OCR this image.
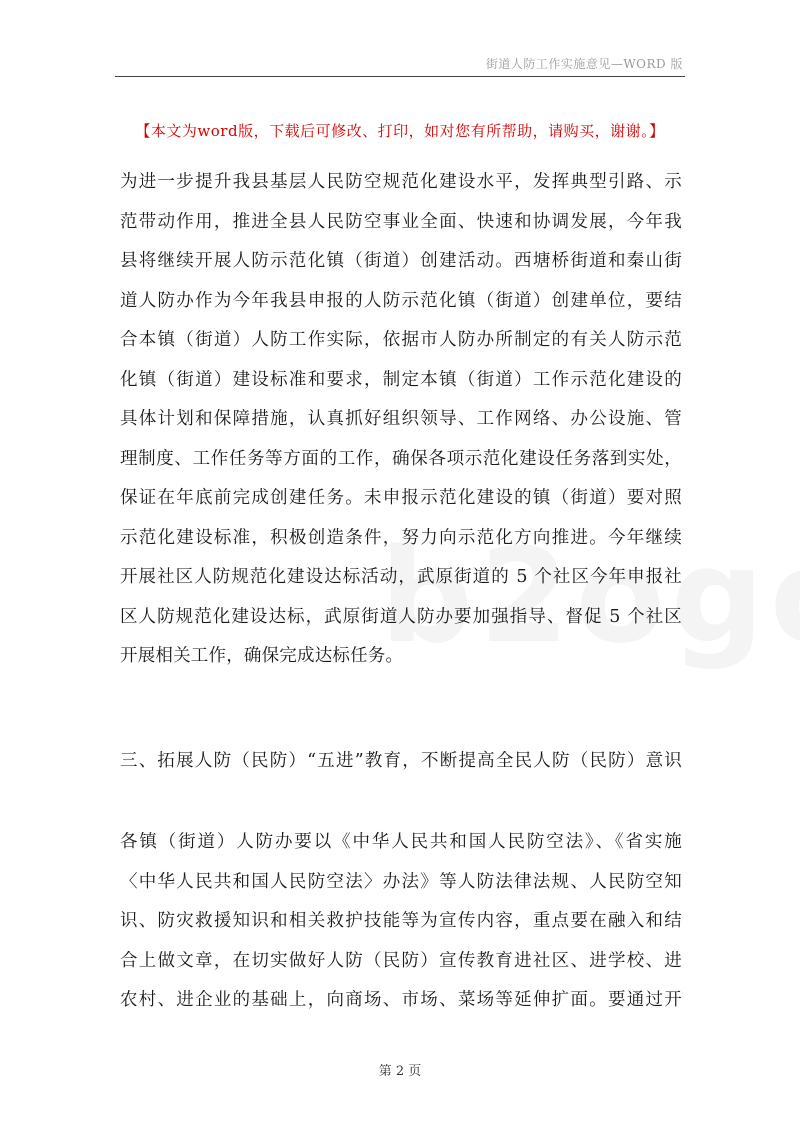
街道人防工作实施意见—WORD 版
【本文为word版，下载后可修改、打印，如对您有所帮助，请购买，谢谢。】
为进一步提升我县基层人民防空规范化建设水平，发挥典型引路、示
范带动作用，推进全县人民防空事业全面、快速和协调发展，今年我
县将继续开展人防示范化镇（街道）创建活动。西塘桥街道和秦山街
道人防办作为今年我县申报的人防示范化镇（街道）创建单位，要结
合本镇（街道）人防工作实际，依据市人防办所制定的有关人防示范
化镇（街道）建设标准和要求，制定本镇（街道）工作示范化建设的
具体计划和保障措施，认真抓好组织领导、工作网络、办公设施、管
理制度、工作任务等方面的工作，确保各项示范化建设任务落到实处，
保证在年底前完成创建任务。未申报示范化建设的镇（街道）要对照
示范化建设标准，积极创造条件，努力向示范化方向推进。今年继续
开展社区人防规范化建设达标活动，武原街道的 5 个社区今年申报社
区人防规范化建设达标，武原街道人防办要加强指导、督促 5 个社区
开展相关工作，确保完成达标任务。
三、拓展人防（民防）“五进”教育，不断提高全民人防（民防）意识
各镇（街道）人防办要以《中华人民共和国人民防空法》、《省实施
〈中华人民共和国人民防空法〉办法》等人防法律法规、人民防空知
识、防灾救援知识和相关救护技能等为宣传内容，重点要在融入和结
合上做文章，在切实做好人防（民防）宣传教育进社区、进学校、进
农村、进企业的基础上，向商场、市场、菜场等延伸扩面。要通过开
第 2 页
